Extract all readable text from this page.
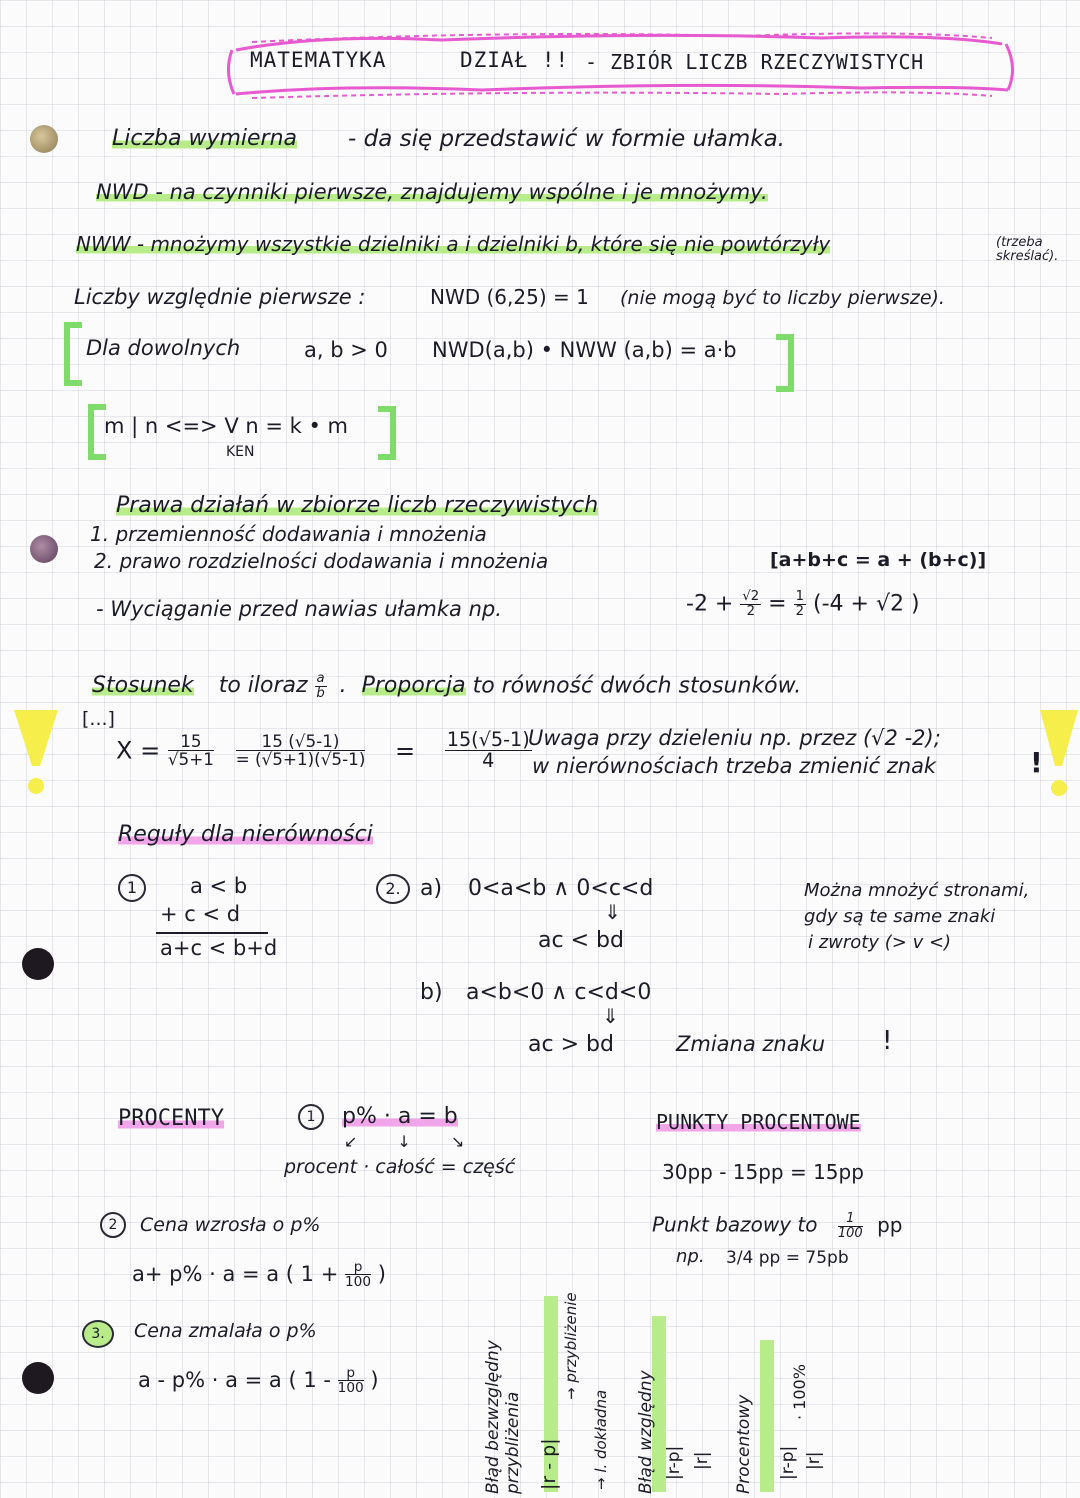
MATEMATYKA	DZIAŁ !! - ZBIÓR LICZB RZECZYWISTYCH
Liczba wymierna - da się przedstawić w formie ułamka.
NWD - na czynniki pierwsze, znajdujemy wspólne i je mnożymy.
NWW - mnożymy wszystkie dzielniki a i dzielniki b, które się nie powtórzyły	(trzeba skreślać).
Liczby względnie pierwsze :	NWD (6,25) = 1 (nie mogą być to liczby pierwsze).
Dla dowolnych	a, b > 0 NWD(a,b) • NWW (a,b) = a·b
m | n <=> V n = k • m
KEN
Prawa działań w zbiorze liczb rzeczywistych
1. przemienność dodawania i mnożenia
2. prawo rozdzielności dodawania i mnożenia	[a+b+c = a + (b+c)]
- Wyciąganie przed nawias ułamka np.	$-2 + \frac{√2}{2} = \frac{1}{2} (-4 + √2$ )
Stosunek to iloraz $\frac{a}{b}$ . Proporcja to równość dwóch stosunków.
[...]
$X = \frac{15}{√5+1}$
$\frac{15 (√5-1)}{= (√5+1)(√5-1)} = \frac{15(√5-1)}{4}$
Uwaga przy dzieleniu np. przez (√2 -2);
w nierównościach trzeba zmienić znak	!
Reguły dla nierówności
1	a < b
+ c < d
a+c < b+d
2. a) 0<a<b ∧ 0<c<d
⇓
ac < bd
Można mnożyć stronami,
gdy są te same znaki
i zwroty (> v <)
b) a<b<0 ∧ c<d<0
⇓
ac > bd	Zmiana znaku !
PROCENTY	1	p% · a = b
↙↓↘
procent · całość = część
2	Cena wzrosła o p%
a+ p% · a = a ( $1 + \frac{p}{100}$ )
3.	Cena zmalała o p%
a - p% · a = a ( $1 - \frac{p}{100}$ )
PUNKTY PROCENTOWE
30pp - 15pp = 15pp
Punkt bazowy to $\frac{1}{100}$ pp
np. 3/4 pp = 75pb
Błąd bezwzględny przybliżenia |r - p|
→ przybliżenie
→ l. dokładna Błąd względny |r-p| |r| Procentowy |r-p| |r|
· 100%
